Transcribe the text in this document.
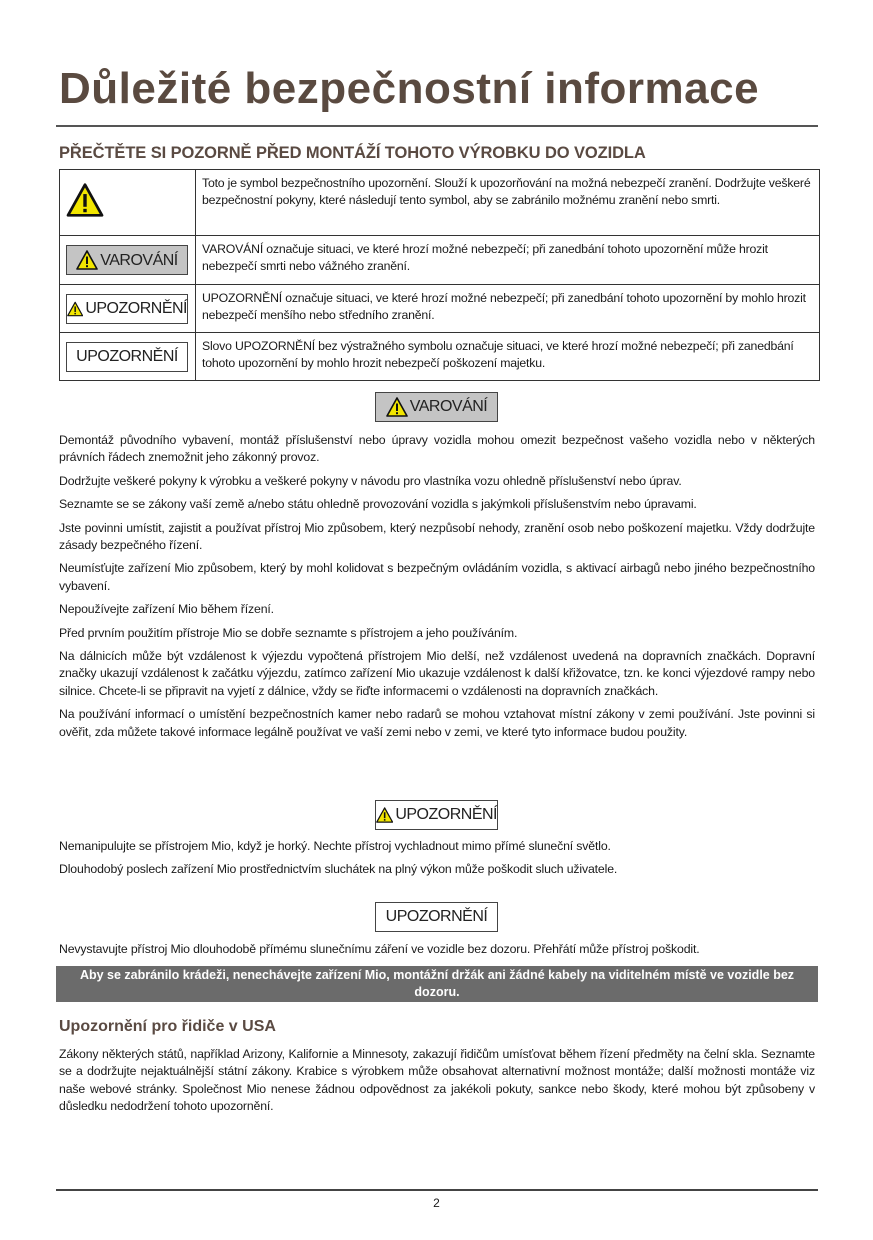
Důležité bezpečnostní informace
PŘEČTĚTE SI POZORNĚ PŘED MONTÁŽÍ TOHOTO VÝROBKU DO VOZIDLA
	Toto je symbol bezpečnostního upozornění. Slouží k upozorňování na možná nebezpečí zranění. Dodržujte veškeré bezpečnostní pokyny, které následují tento symbol, aby se zabránilo možnému zranění nebo smrti.

VAROVÁNÍ	VAROVÁNÍ označuje situaci, ve které hrozí možné nebezpečí; při zanedbání tohoto upozornění může hrozit nebezpečí smrti nebo vážného zranění.

UPOZORNĚNÍ	UPOZORNĚNÍ označuje situaci, ve které hrozí možné nebezpečí; při zanedbání tohoto upozornění by mohlo hrozit nebezpečí menšího nebo středního zranění.

UPOZORNĚNÍ	Slovo UPOZORNĚNÍ bez výstražného symbolu označuje situaci, ve které hrozí možné nebezpečí; při zanedbání tohoto upozornění by mohlo hrozit nebezpečí poškození majetku.
VAROVÁNÍ

Demontáž původního vybavení, montáž příslušenství nebo úpravy vozidla mohou omezit bezpečnost vašeho vozidla nebo v některých právních řádech znemožnit jeho zákonný provoz.

Dodržujte veškeré pokyny k výrobku a veškeré pokyny v návodu pro vlastníka vozu ohledně příslušenství nebo úprav.

Seznamte se se zákony vaší země a/nebo státu ohledně provozování vozidla s jakýmkoli příslušenstvím nebo úpravami.

Jste povinni umístit, zajistit a používat přístroj Mio způsobem, který nezpůsobí nehody, zranění osob nebo poškození majetku. Vždy dodržujte zásady bezpečného řízení.

Neumísťujte zařízení Mio způsobem, který by mohl kolidovat s bezpečným ovládáním vozidla, s aktivací airbagů nebo jiného bezpečnostního vybavení.

Nepoužívejte zařízení Mio během řízení.

Před prvním použitím přístroje Mio se dobře seznamte s přístrojem a jeho používáním.

Na dálnicích může být vzdálenost k výjezdu vypočtená přístrojem Mio delší, než vzdálenost uvedená na dopravních značkách. Dopravní značky ukazují vzdálenost k začátku výjezdu, zatímco zařízení Mio ukazuje vzdálenost k další křižovatce, tzn. ke konci výjezdové rampy nebo silnice. Chcete-li se připravit na vyjetí z dálnice, vždy se řiďte informacemi o vzdálenosti na dopravních značkách.

Na používání informací o umístění bezpečnostních kamer nebo radarů se mohou vztahovat místní zákony v zemi používání. Jste povinni si ověřit, zda můžete takové informace legálně používat ve vaší zemi nebo v zemi, ve které tyto informace budou použity.

UPOZORNĚNÍ

Nemanipulujte se přístrojem Mio, když je horký. Nechte přístroj vychladnout mimo přímé sluneční světlo.

Dlouhodobý poslech zařízení Mio prostřednictvím sluchátek na plný výkon může poškodit sluch uživatele.

UPOZORNĚNÍ

Nevystavujte přístroj Mio dlouhodobě přímému slunečnímu záření ve vozidle bez dozoru. Přehřátí může přístroj poškodit.

Aby se zabránilo krádeži, nenechávejte zařízení Mio, montážní držák ani žádné kabely na viditelném místě ve vozidle bez dozoru.
Upozornění pro řidiče v USA
Zákony některých států, například Arizony, Kalifornie a Minnesoty, zakazují řidičům umísťovat během řízení předměty na čelní skla. Seznamte se a dodržujte nejaktuálnější státní zákony. Krabice s výrobkem může obsahovat alternativní možnost montáže; další možnosti montáže viz naše webové stránky. Společnost Mio nenese žádnou odpovědnost za jakékoli pokuty, sankce nebo škody, které mohou být způsobeny v důsledku nedodržení tohoto upozornění.
2
